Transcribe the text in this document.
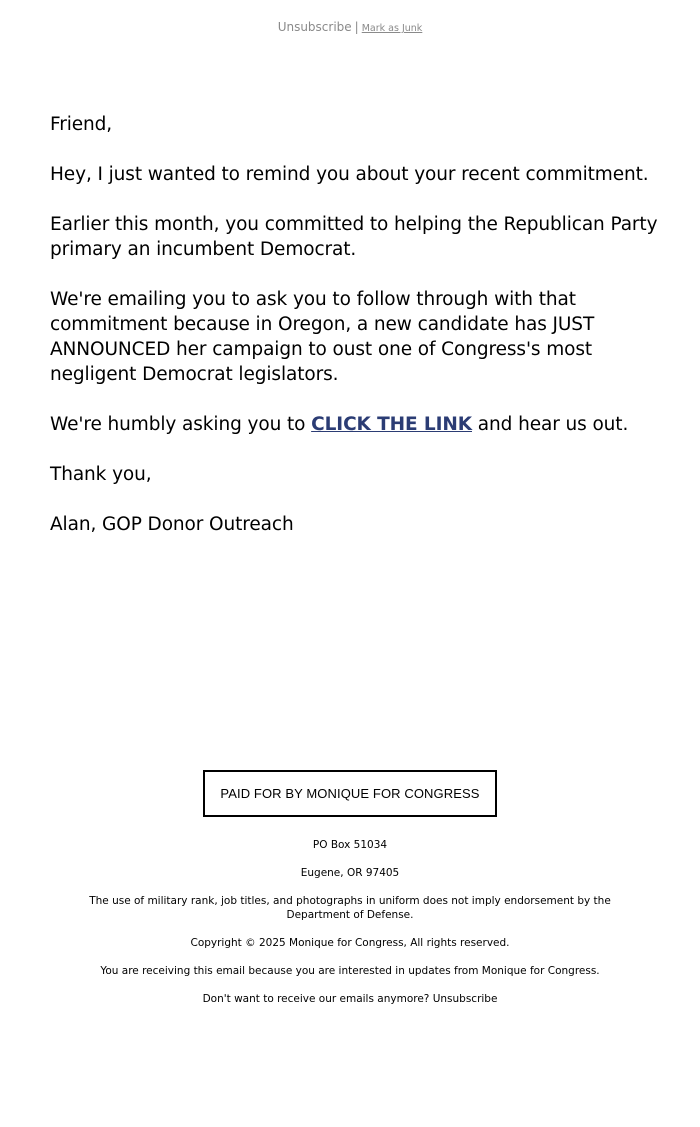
Unsubscribe | Mark as Junk

Friend,

Hey, I just wanted to remind you about your recent commitment.

Earlier this month, you committed to helping the Republican Party primary an incumbent Democrat.

We're emailing you to ask you to follow through with that commitment because in Oregon, a new candidate has JUST ANNOUNCED her campaign to oust one of Congress's most negligent Democrat legislators.

We're humbly asking you to CLICK THE LINK and hear us out.

Thank you,

Alan, GOP Donor Outreach

PAID FOR BY MONIQUE FOR CONGRESS

PO Box 51034

Eugene, OR 97405

The use of military rank, job titles, and photographs in uniform does not imply endorsement by the Department of Defense.

Copyright © 2025 Monique for Congress, All rights reserved.

You are receiving this email because you are interested in updates from Monique for Congress.

Don't want to receive our emails anymore? Unsubscribe
